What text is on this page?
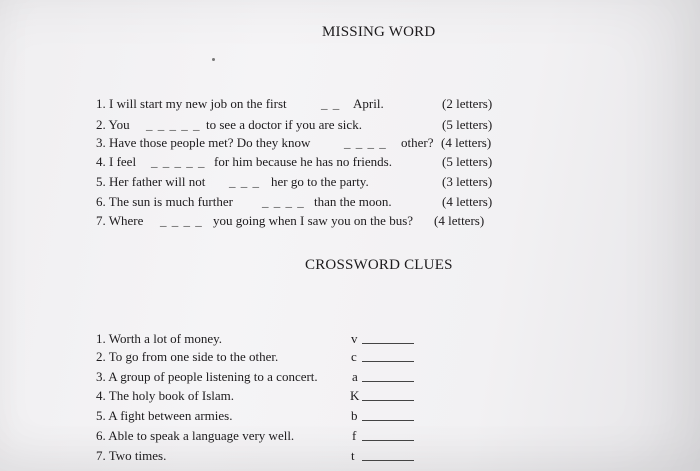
MISSING WORD
1. I will start my new job on the first	_ _ April.	(2 letters)
2. You _ _ _ _ _ to see a doctor if you are sick.	(5 letters)
3. Have those people met? Do they know	_ _ _ _ other? (4 letters)
4. I feel _ _ _ _ _ for him because he has no friends.	(5 letters)
5. Her father will not _ _ _ her go to the party.	(3 letters)
6. The sun is much further _ _ _ _ than the moon.	(4 letters)
7. Where _ _ _ _ you going when I saw you on the bus? (4 letters)
CROSSWORD CLUES
1. Worth a lot of money.	v
2. To go from one side to the other.	c
3. A group of people listening to a concert.	a
4. The holy book of Islam.	K
5. A fight between armies.	b
6. Able to speak a language very well.	f
7. Two times.	t
